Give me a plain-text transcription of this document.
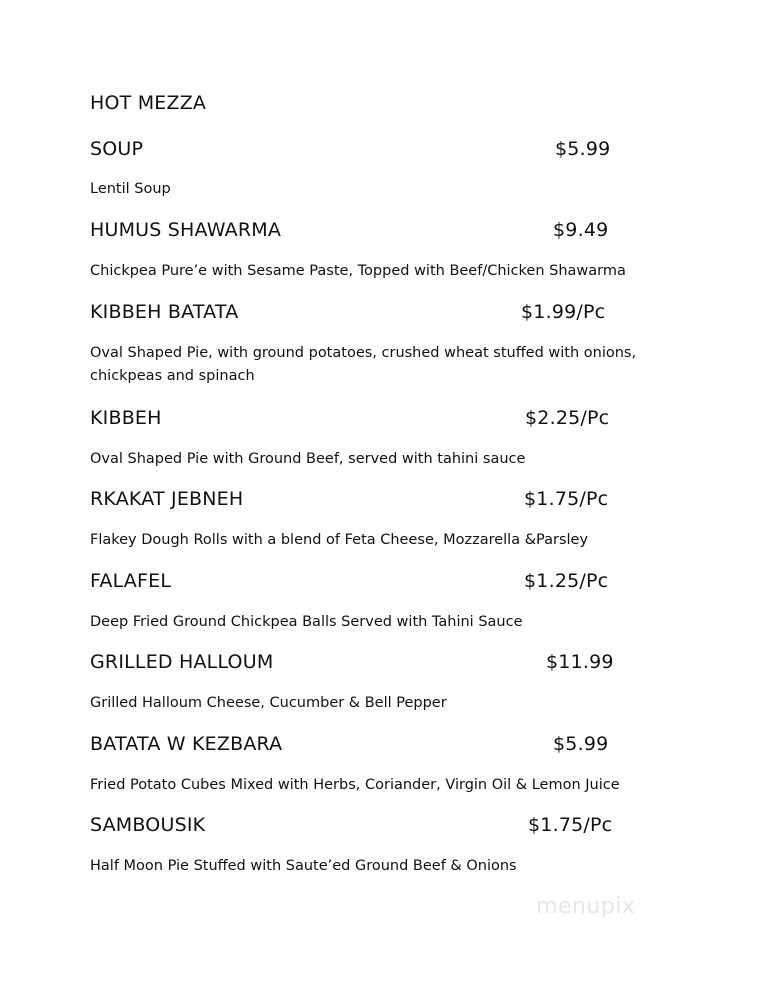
HOT MEZZA
SOUP	$5.99
Lentil Soup
HUMUS SHAWARMA	$9.49
Chickpea Pure’e with Sesame Paste, Topped with Beef/Chicken Shawarma
KIBBEH BATATA	$1.99/Pc
Oval Shaped Pie, with ground potatoes, crushed wheat stuffed with onions, chickpeas and spinach
KIBBEH	$2.25/Pc
Oval Shaped Pie with Ground Beef, served with tahini sauce
RKAKAT JEBNEH	$1.75/Pc
Flakey Dough Rolls with a blend of Feta Cheese, Mozzarella &Parsley
FALAFEL	$1.25/Pc
Deep Fried Ground Chickpea Balls Served with Tahini Sauce
GRILLED HALLOUM	$11.99
Grilled Halloum Cheese, Cucumber & Bell Pepper
BATATA W KEZBARA	$5.99
Fried Potato Cubes Mixed with Herbs, Coriander, Virgin Oil & Lemon Juice
SAMBOUSIK	$1.75/Pc
Half Moon Pie Stuffed with Saute’ed Ground Beef & Onions
menupix
